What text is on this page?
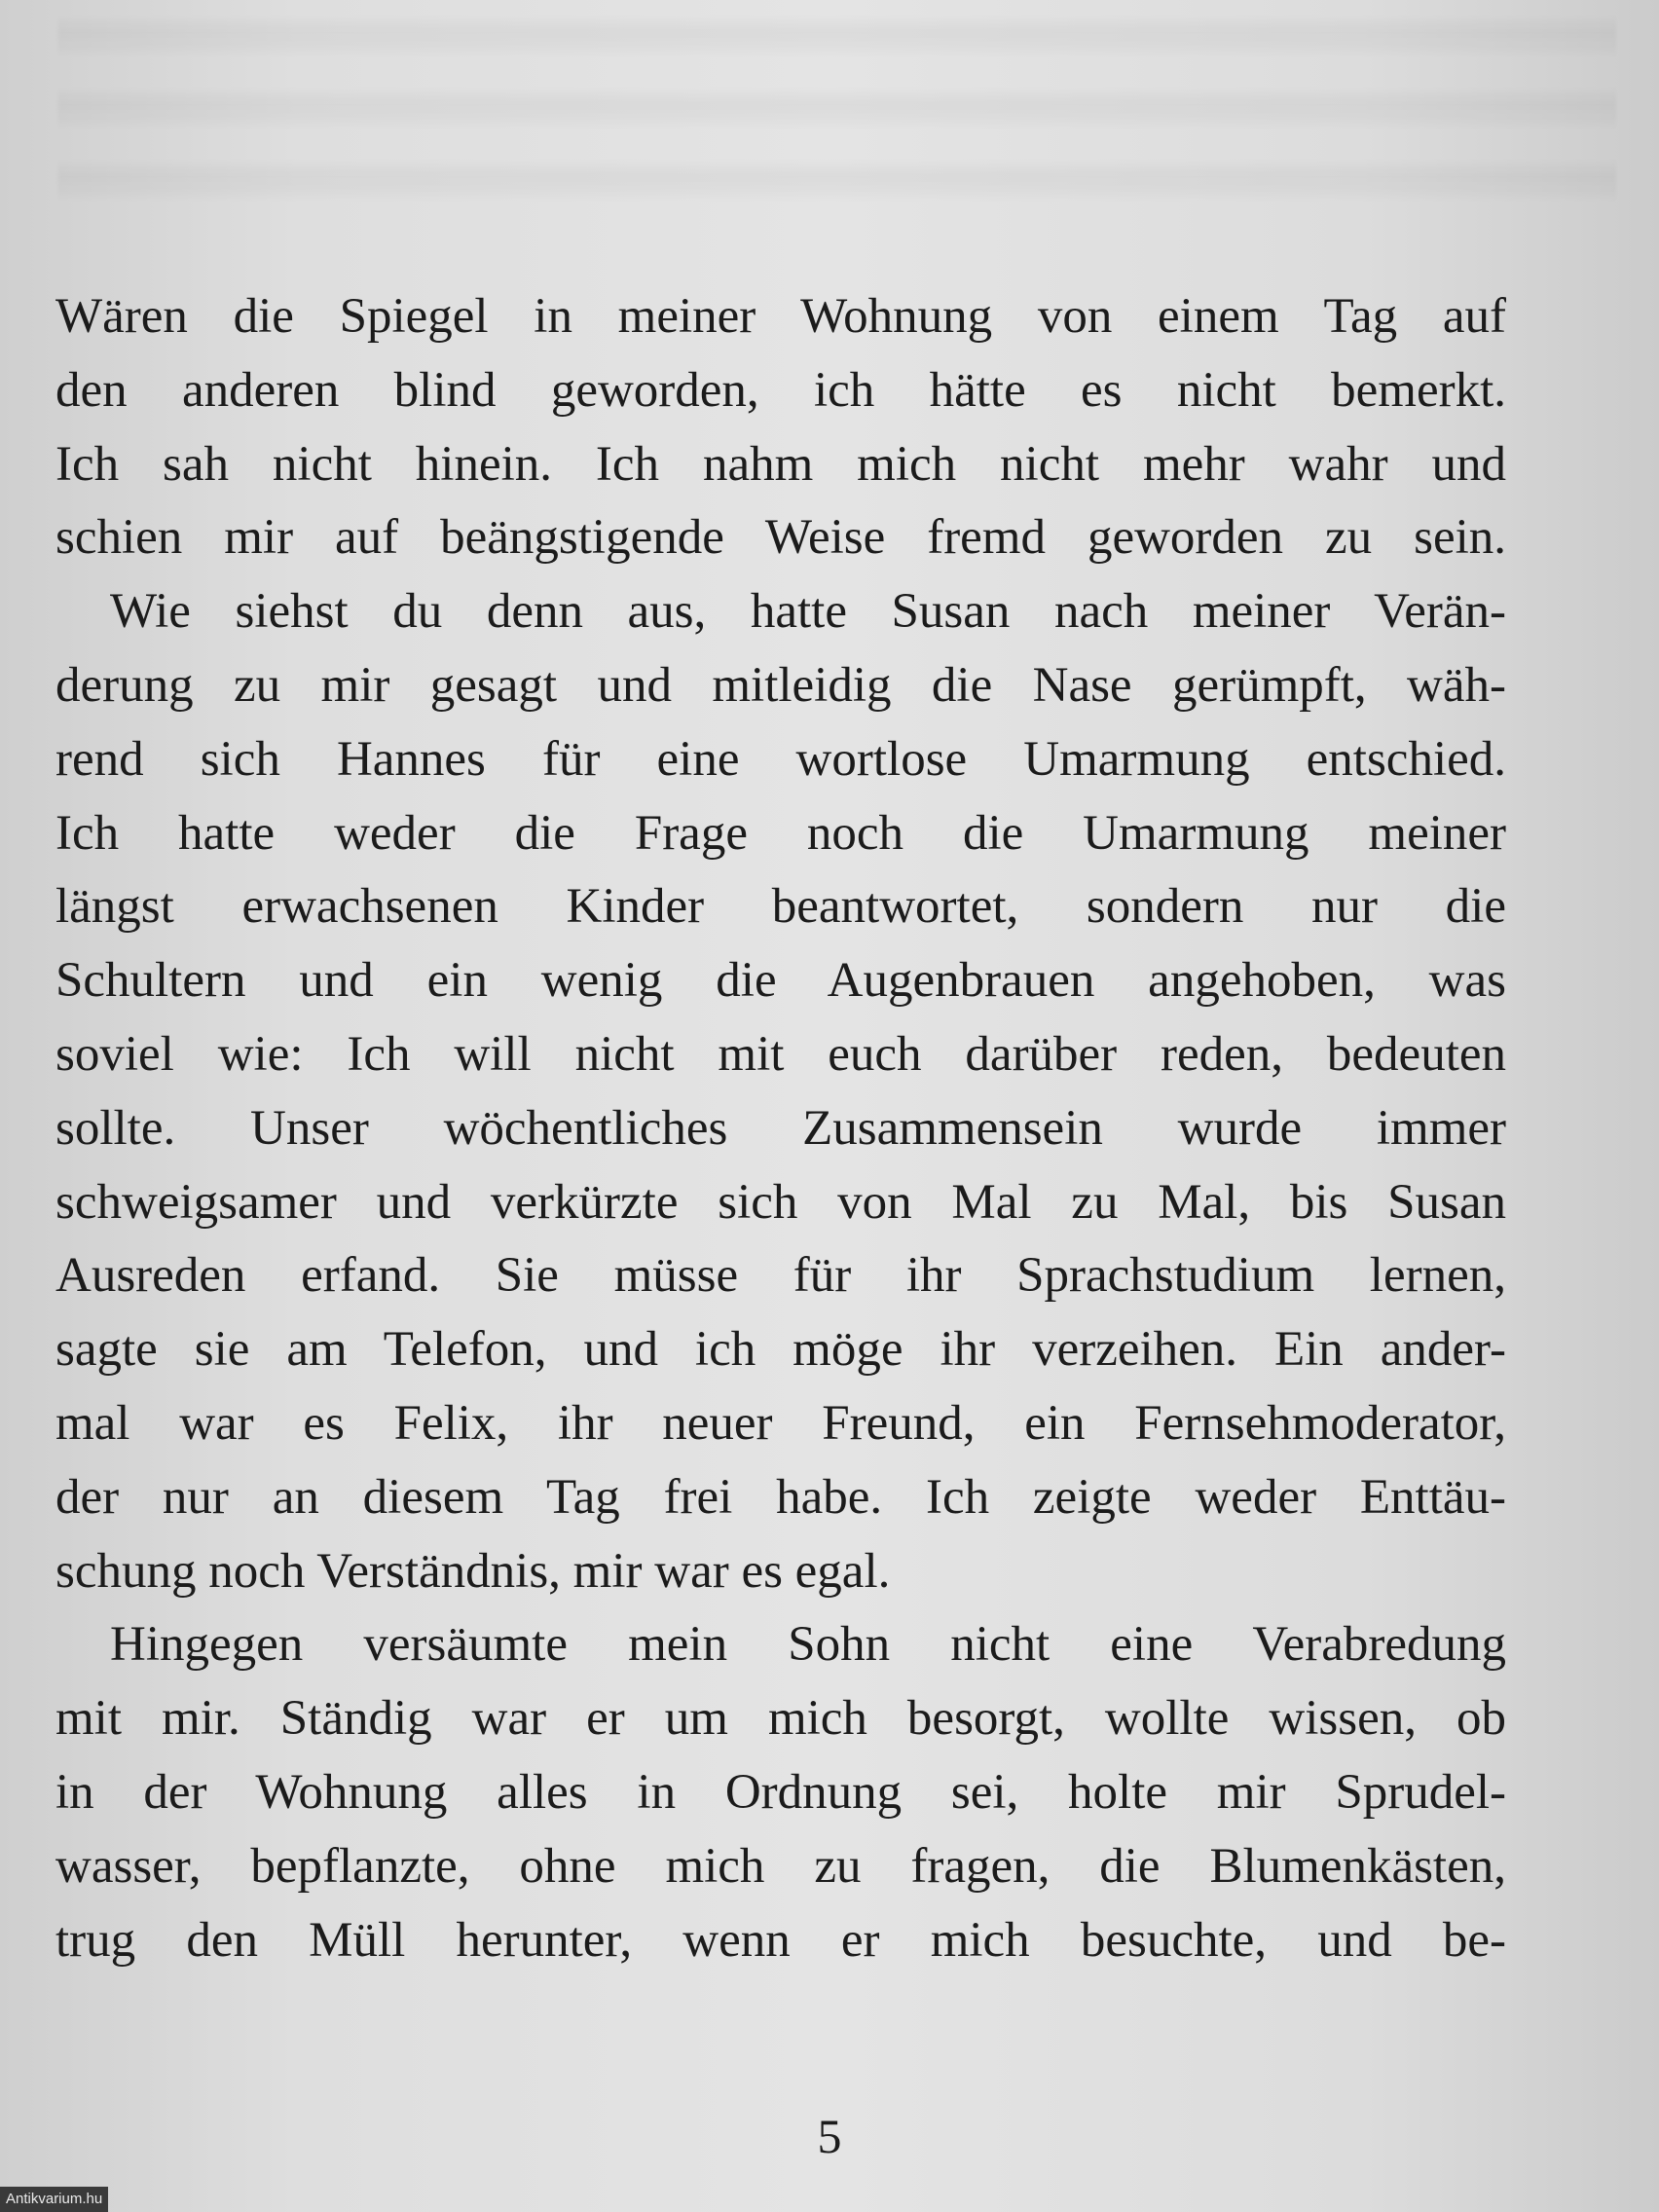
Wären die Spiegel in meiner Wohnung von einem Tag auf
den anderen blind geworden, ich hätte es nicht bemerkt.
Ich sah nicht hinein. Ich nahm mich nicht mehr wahr und
schien mir auf beängstigende Weise fremd geworden zu sein.
Wie siehst du denn aus, hatte Susan nach meiner Verän-
derung zu mir gesagt und mitleidig die Nase gerümpft, wäh-
rend sich Hannes für eine wortlose Umarmung entschied.
Ich hatte weder die Frage noch die Umarmung meiner
längst erwachsenen Kinder beantwortet, sondern nur die
Schultern und ein wenig die Augenbrauen angehoben, was
soviel wie: Ich will nicht mit euch darüber reden, bedeuten
sollte. Unser wöchentliches Zusammensein wurde immer
schweigsamer und verkürzte sich von Mal zu Mal, bis Susan
Ausreden erfand. Sie müsse für ihr Sprachstudium lernen,
sagte sie am Telefon, und ich möge ihr verzeihen. Ein ander-
mal war es Felix, ihr neuer Freund, ein Fernsehmoderator,
der nur an diesem Tag frei habe. Ich zeigte weder Enttäu-
schung noch Verständnis, mir war es egal.
Hingegen versäumte mein Sohn nicht eine Verabredung
mit mir. Ständig war er um mich besorgt, wollte wissen, ob
in der Wohnung alles in Ordnung sei, holte mir Sprudel-
wasser, bepflanzte, ohne mich zu fragen, die Blumenkästen,
trug den Müll herunter, wenn er mich besuchte, und be-
5
Antikvarium.hu
